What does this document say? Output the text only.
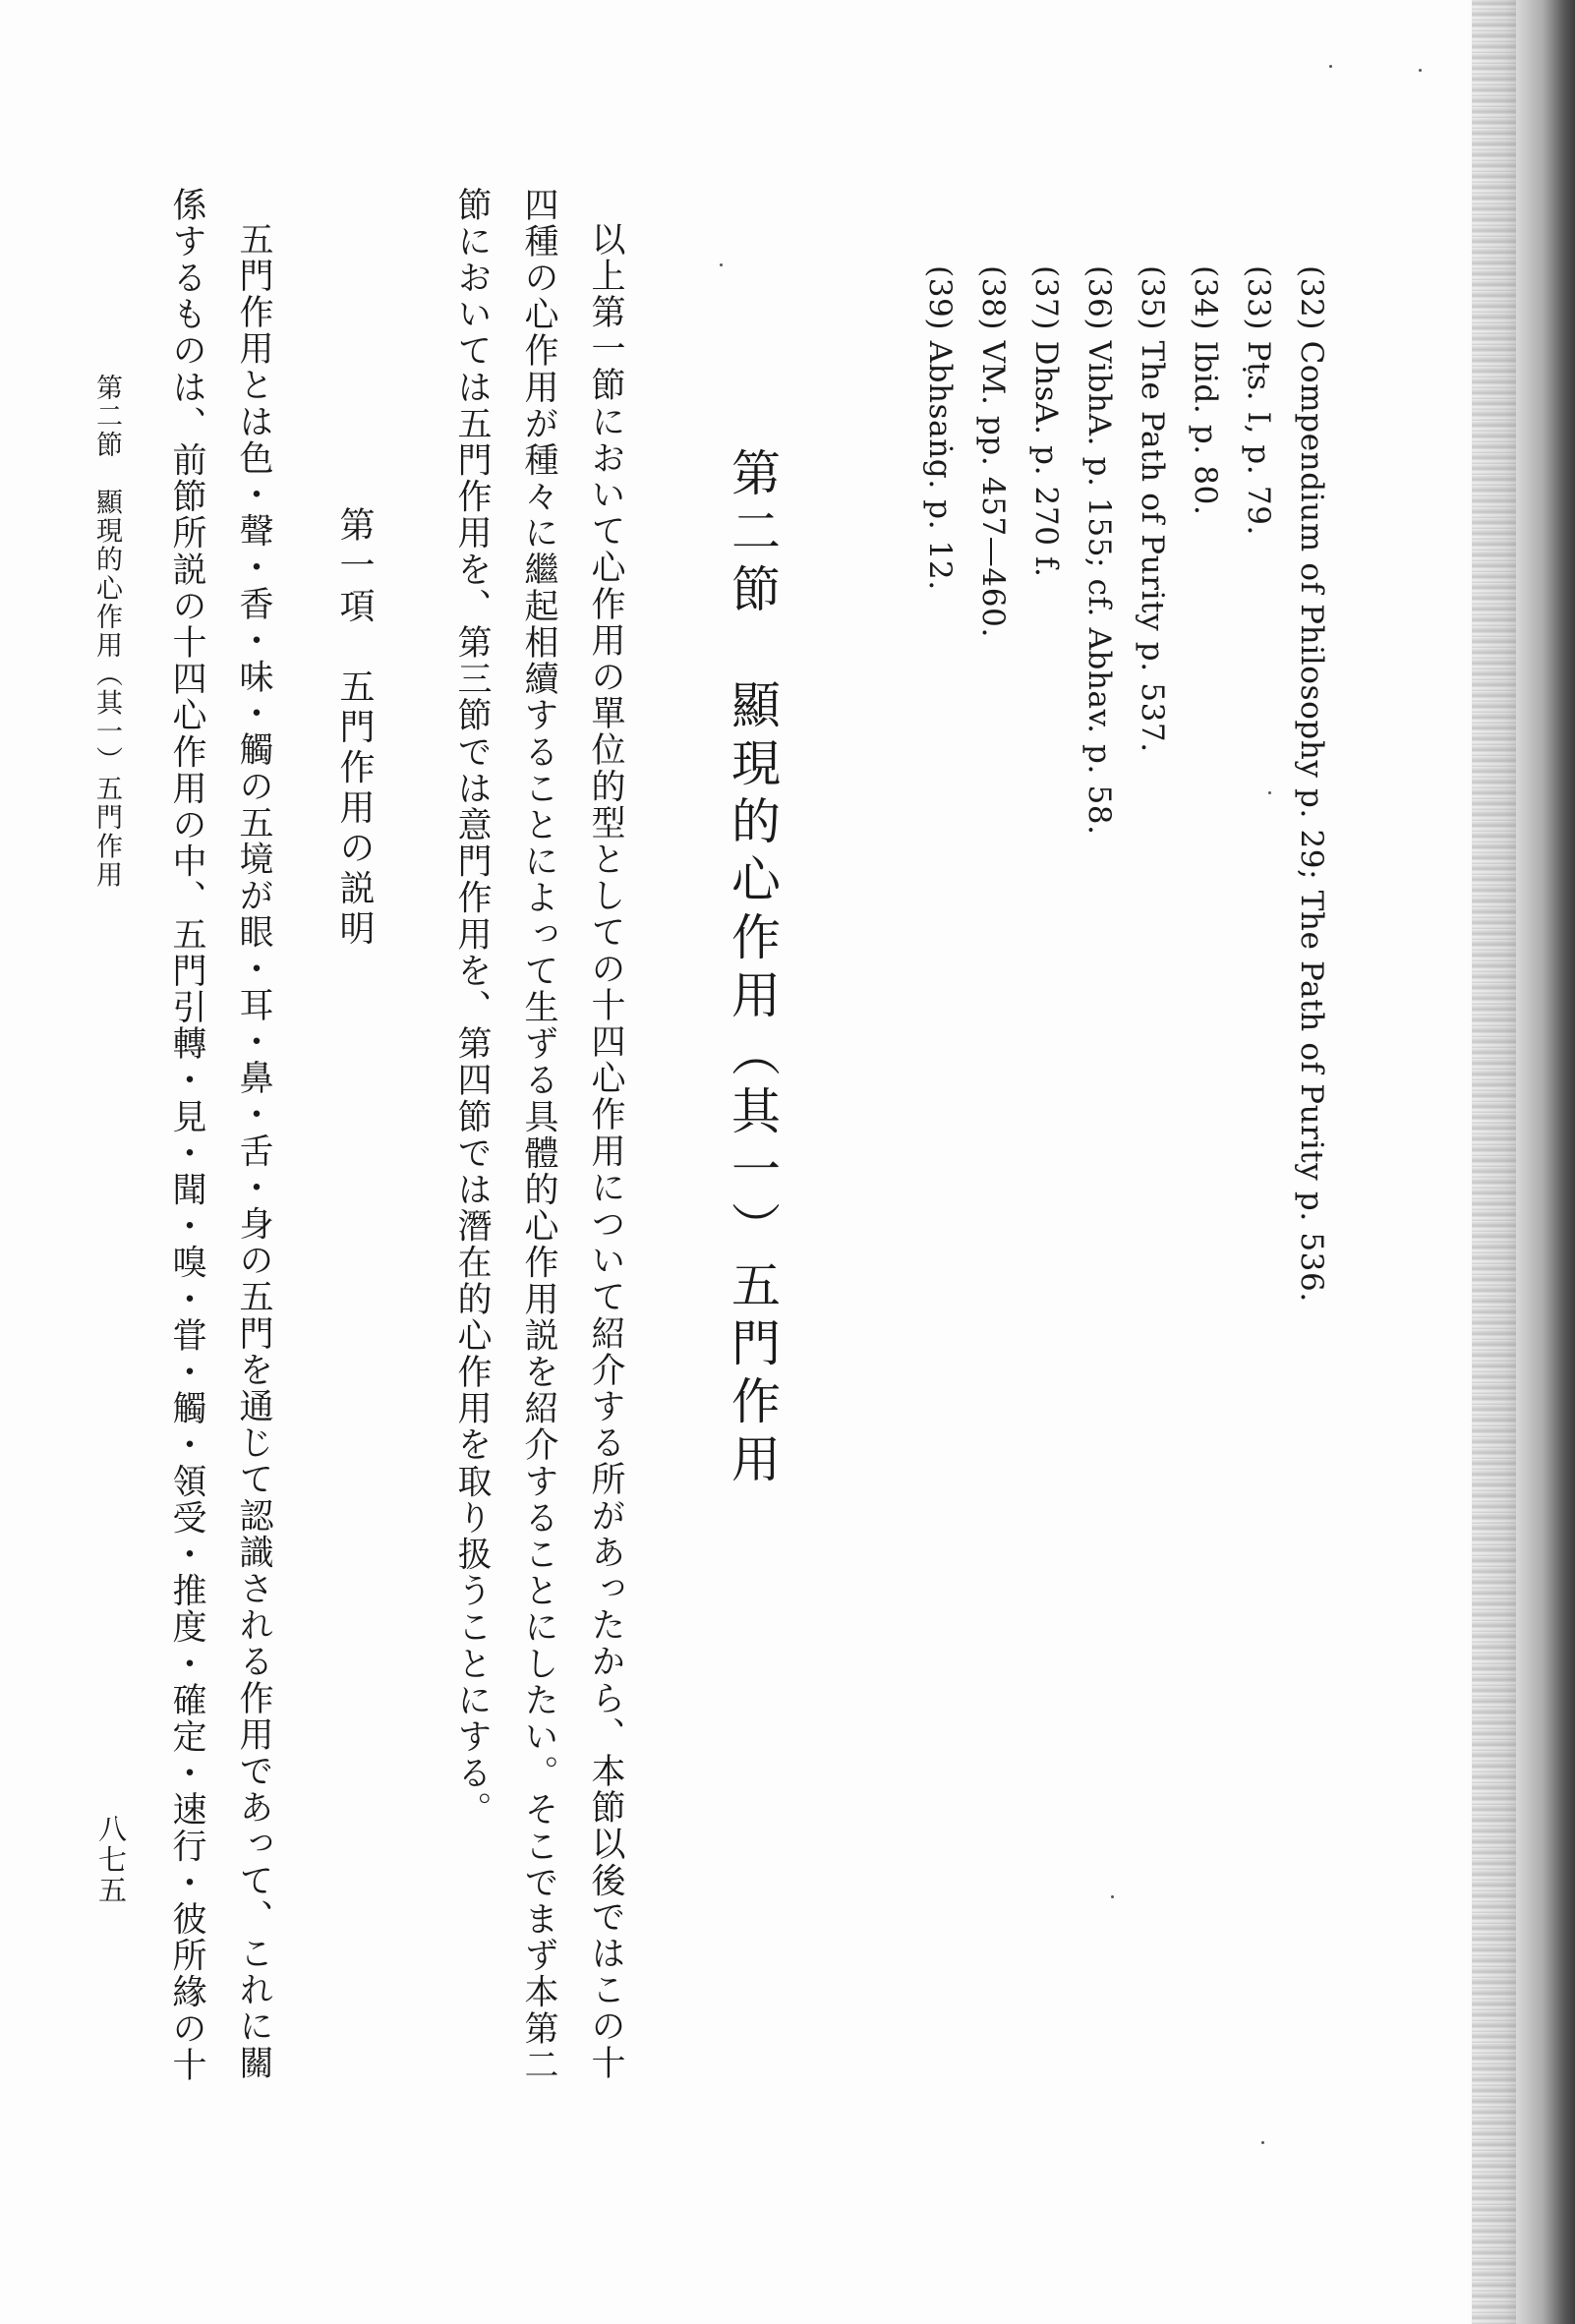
(32) Compendium of Philosophy p. 29; The Path of Purity p. 536.
(33) Pṭs. I, p. 79.
(34) Ibid. p. 80.
(35) The Path of Purity p. 537.
(36) VibhA. p. 155; cf. Abhav. p. 58.
(37) DhsA. p. 270 f.
(38) VM. pp. 457—460.
(39) Abhsaṅg. p. 12.
第二節　顯現的心作用（其一）五門作用
以上第一節において心作用の單位的型としての十四心作用について紹介する所があったから、本節以後ではこの十
四種の心作用が種々に繼起相續することによって生ずる具體的心作用説を紹介することにしたい。そこでまず本第二
節においては五門作用を、第三節では意門作用を、第四節では潛在的心作用を取り扱うことにする。
第一項　五門作用の説明
五門作用とは色・聲・香・味・觸の五境が眼・耳・鼻・舌・身の五門を通じて認識される作用であって、これに關
係するものは、前節所説の十四心作用の中、五門引轉・見・聞・嗅・甞・觸・領受・推度・確定・速行・彼所緣の十
第二節　顯現的心作用（其一）五門作用
八七五
